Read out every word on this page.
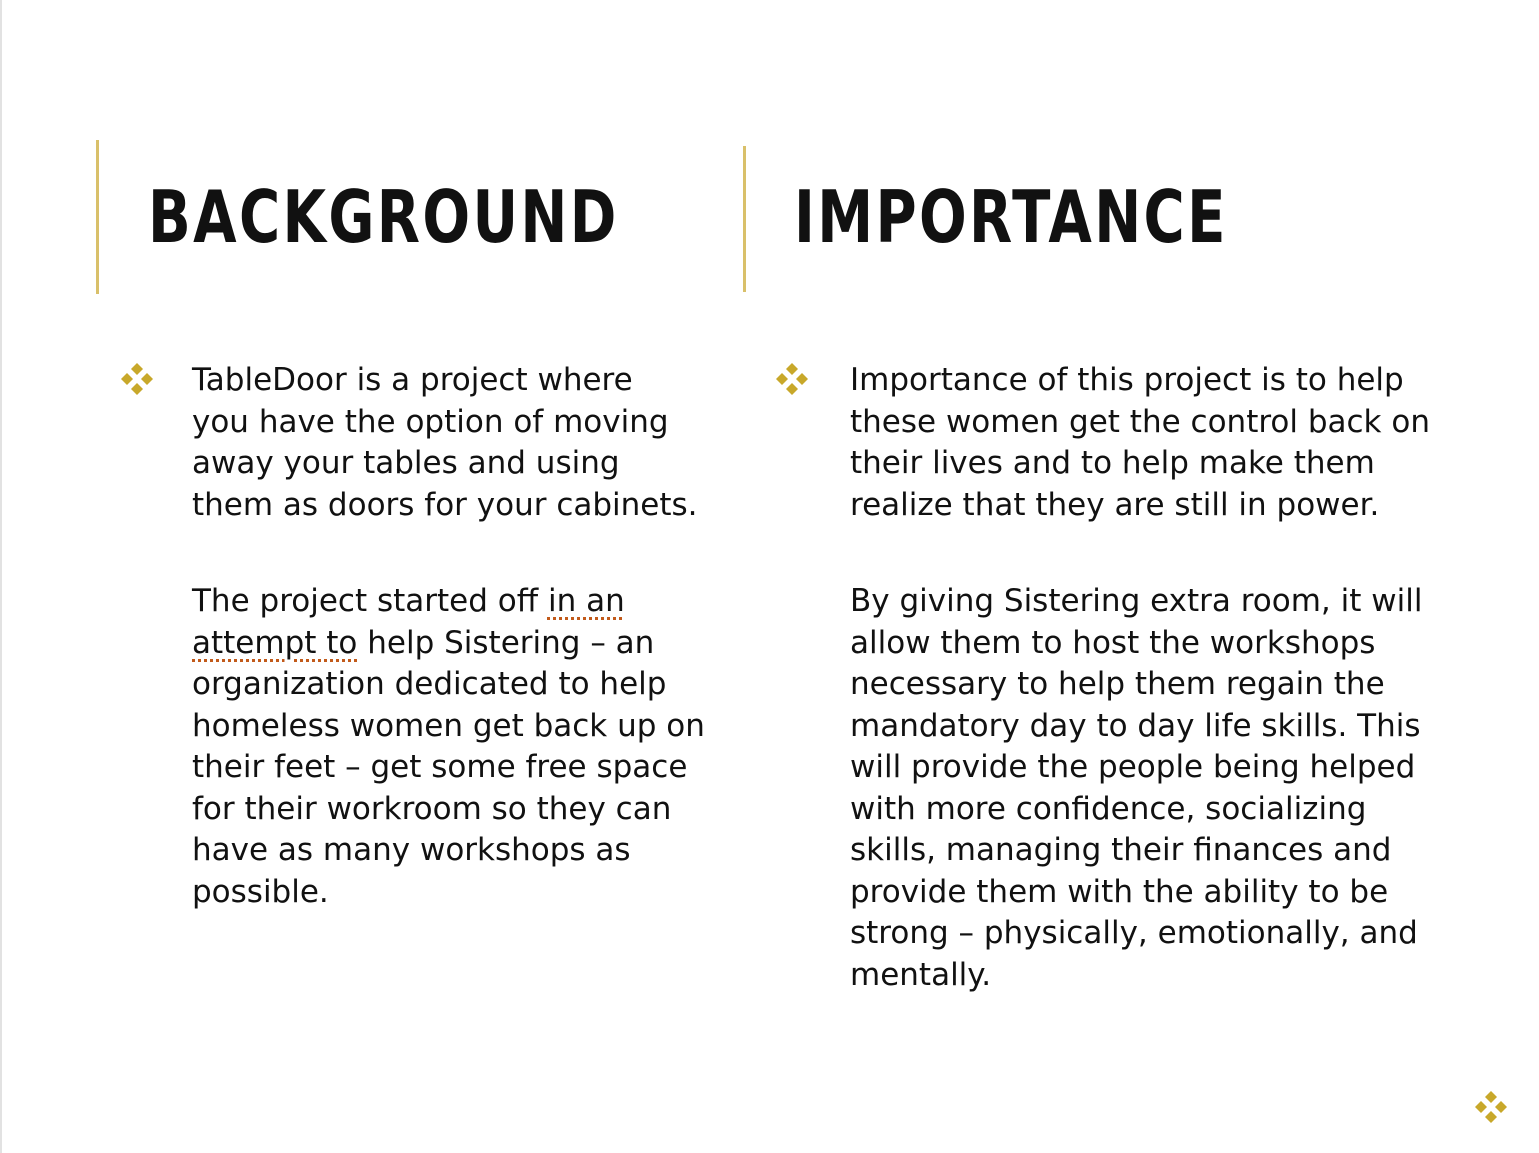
BACKGROUND
TableDoor is a project where
you have the option of moving
away your tables and using
them as doors for your cabinets.
The project started off in an
attempt to help Sistering – an
organization dedicated to help
homeless women get back up on
their feet – get some free space
for their workroom so they can
have as many workshops as
possible.
IMPORTANCE
Importance of this project is to help
these women get the control back on
their lives and to help make them
realize that they are still in power.
By giving Sistering extra room, it will
allow them to host the workshops
necessary to help them regain the
mandatory day to day life skills. This
will provide the people being helped
with more confidence, socializing
skills, managing their finances and
provide them with the ability to be
strong – physically, emotionally, and
mentally.
